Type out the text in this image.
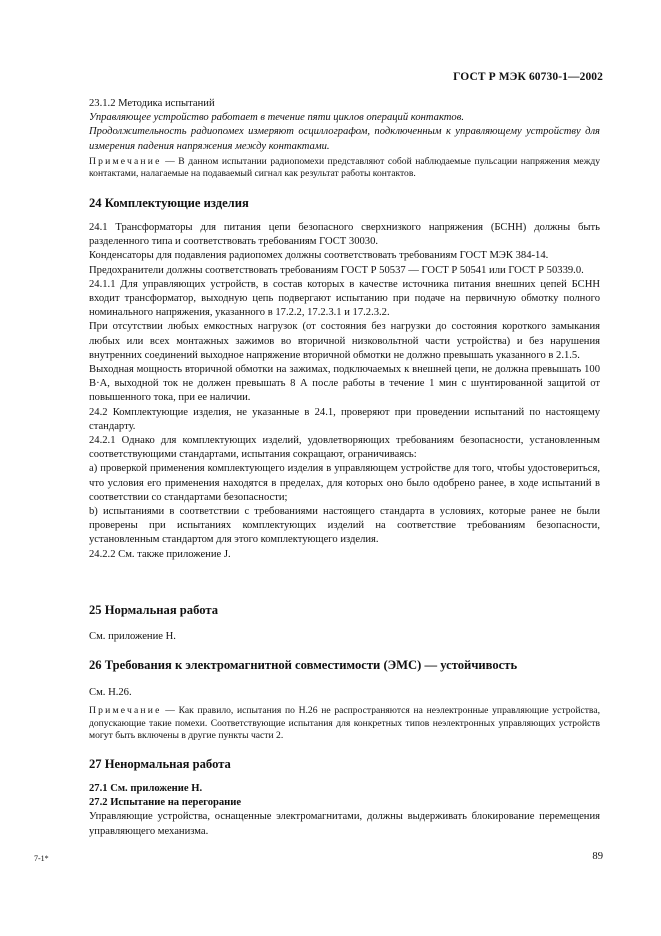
ГОСТ Р МЭК 60730-1—2002

23.1.2 Методика испытаний

Управляющее устройство работает в течение пяти циклов операций контактов.

Продолжительность радиопомех измеряют осциллографом, подключенным к управляющему устройству для измерения падения напряжения между контактами.

Примечание — В данном испытании радиопомехи представляют собой наблюдаемые пульсации напряжения между контактами, налагаемые на подаваемый сигнал как результат работы контактов.

24 Комплектующие изделия

24.1 Трансформаторы для питания цепи безопасного сверхнизкого напряжения (БСНН) должны быть разделенного типа и соответствовать требованиям ГОСТ 30030.

Конденсаторы для подавления радиопомех должны соответствовать требованиям ГОСТ МЭК 384-14.

Предохранители должны соответствовать требованиям ГОСТ Р 50537 — ГОСТ Р 50541 или ГОСТ Р 50339.0.

24.1.1 Для управляющих устройств, в состав которых в качестве источника питания внешних цепей БСНН входит трансформатор, выходную цепь подвергают испытанию при подаче на первичную обмотку полного номинального напряжения, указанного в 17.2.2, 17.2.3.1 и 17.2.3.2.

При отсутствии любых емкостных нагрузок (от состояния без нагрузки до состояния короткого замыкания любых или всех монтажных зажимов во вторичной низковольтной части устройства) и без нарушения внутренних соединений выходное напряжение вторичной обмотки не должно превышать указанного в 2.1.5.

Выходная мощность вторичной обмотки на зажимах, подключаемых к внешней цепи, не должна превышать 100 В·А, выходной ток не должен превышать 8 А после работы в течение 1 мин с шунтированной защитой от повышенного тока, при ее наличии.

24.2 Комплектующие изделия, не указанные в 24.1, проверяют при проведении испытаний по настоящему стандарту.

24.2.1 Однако для комплектующих изделий, удовлетворяющих требованиям безопасности, установленным соответствующими стандартами, испытания сокращают, ограничиваясь:

а) проверкой применения комплектующего изделия в управляющем устройстве для того, чтобы удостовериться, что условия его применения находятся в пределах, для которых оно было одобрено ранее, в ходе испытаний в соответствии со стандартами безопасности;

b) испытаниями в соответствии с требованиями настоящего стандарта в условиях, которые ранее не были проверены при испытаниях комплектующих изделий на соответствие требованиям безопасности, установленным стандартом для этого комплектующего изделия.

24.2.2 См. также приложение J.

25 Нормальная работа

См. приложение Н.

26 Требования к электромагнитной совместимости (ЭМС) — устойчивость

См. Н.26.

Примечание — Как правило, испытания по Н.26 не распространяются на неэлектронные управляющие устройства, допускающие такие помехи. Соответствующие испытания для конкретных типов неэлектронных управляющих устройств могут быть включены в другие пункты части 2.

27 Ненормальная работа

27.1 См. приложение Н.

27.2 Испытание на перегорание

Управляющие устройства, оснащенные электромагнитами, должны выдерживать блокирование перемещения управляющего механизма.

7-1*	89
